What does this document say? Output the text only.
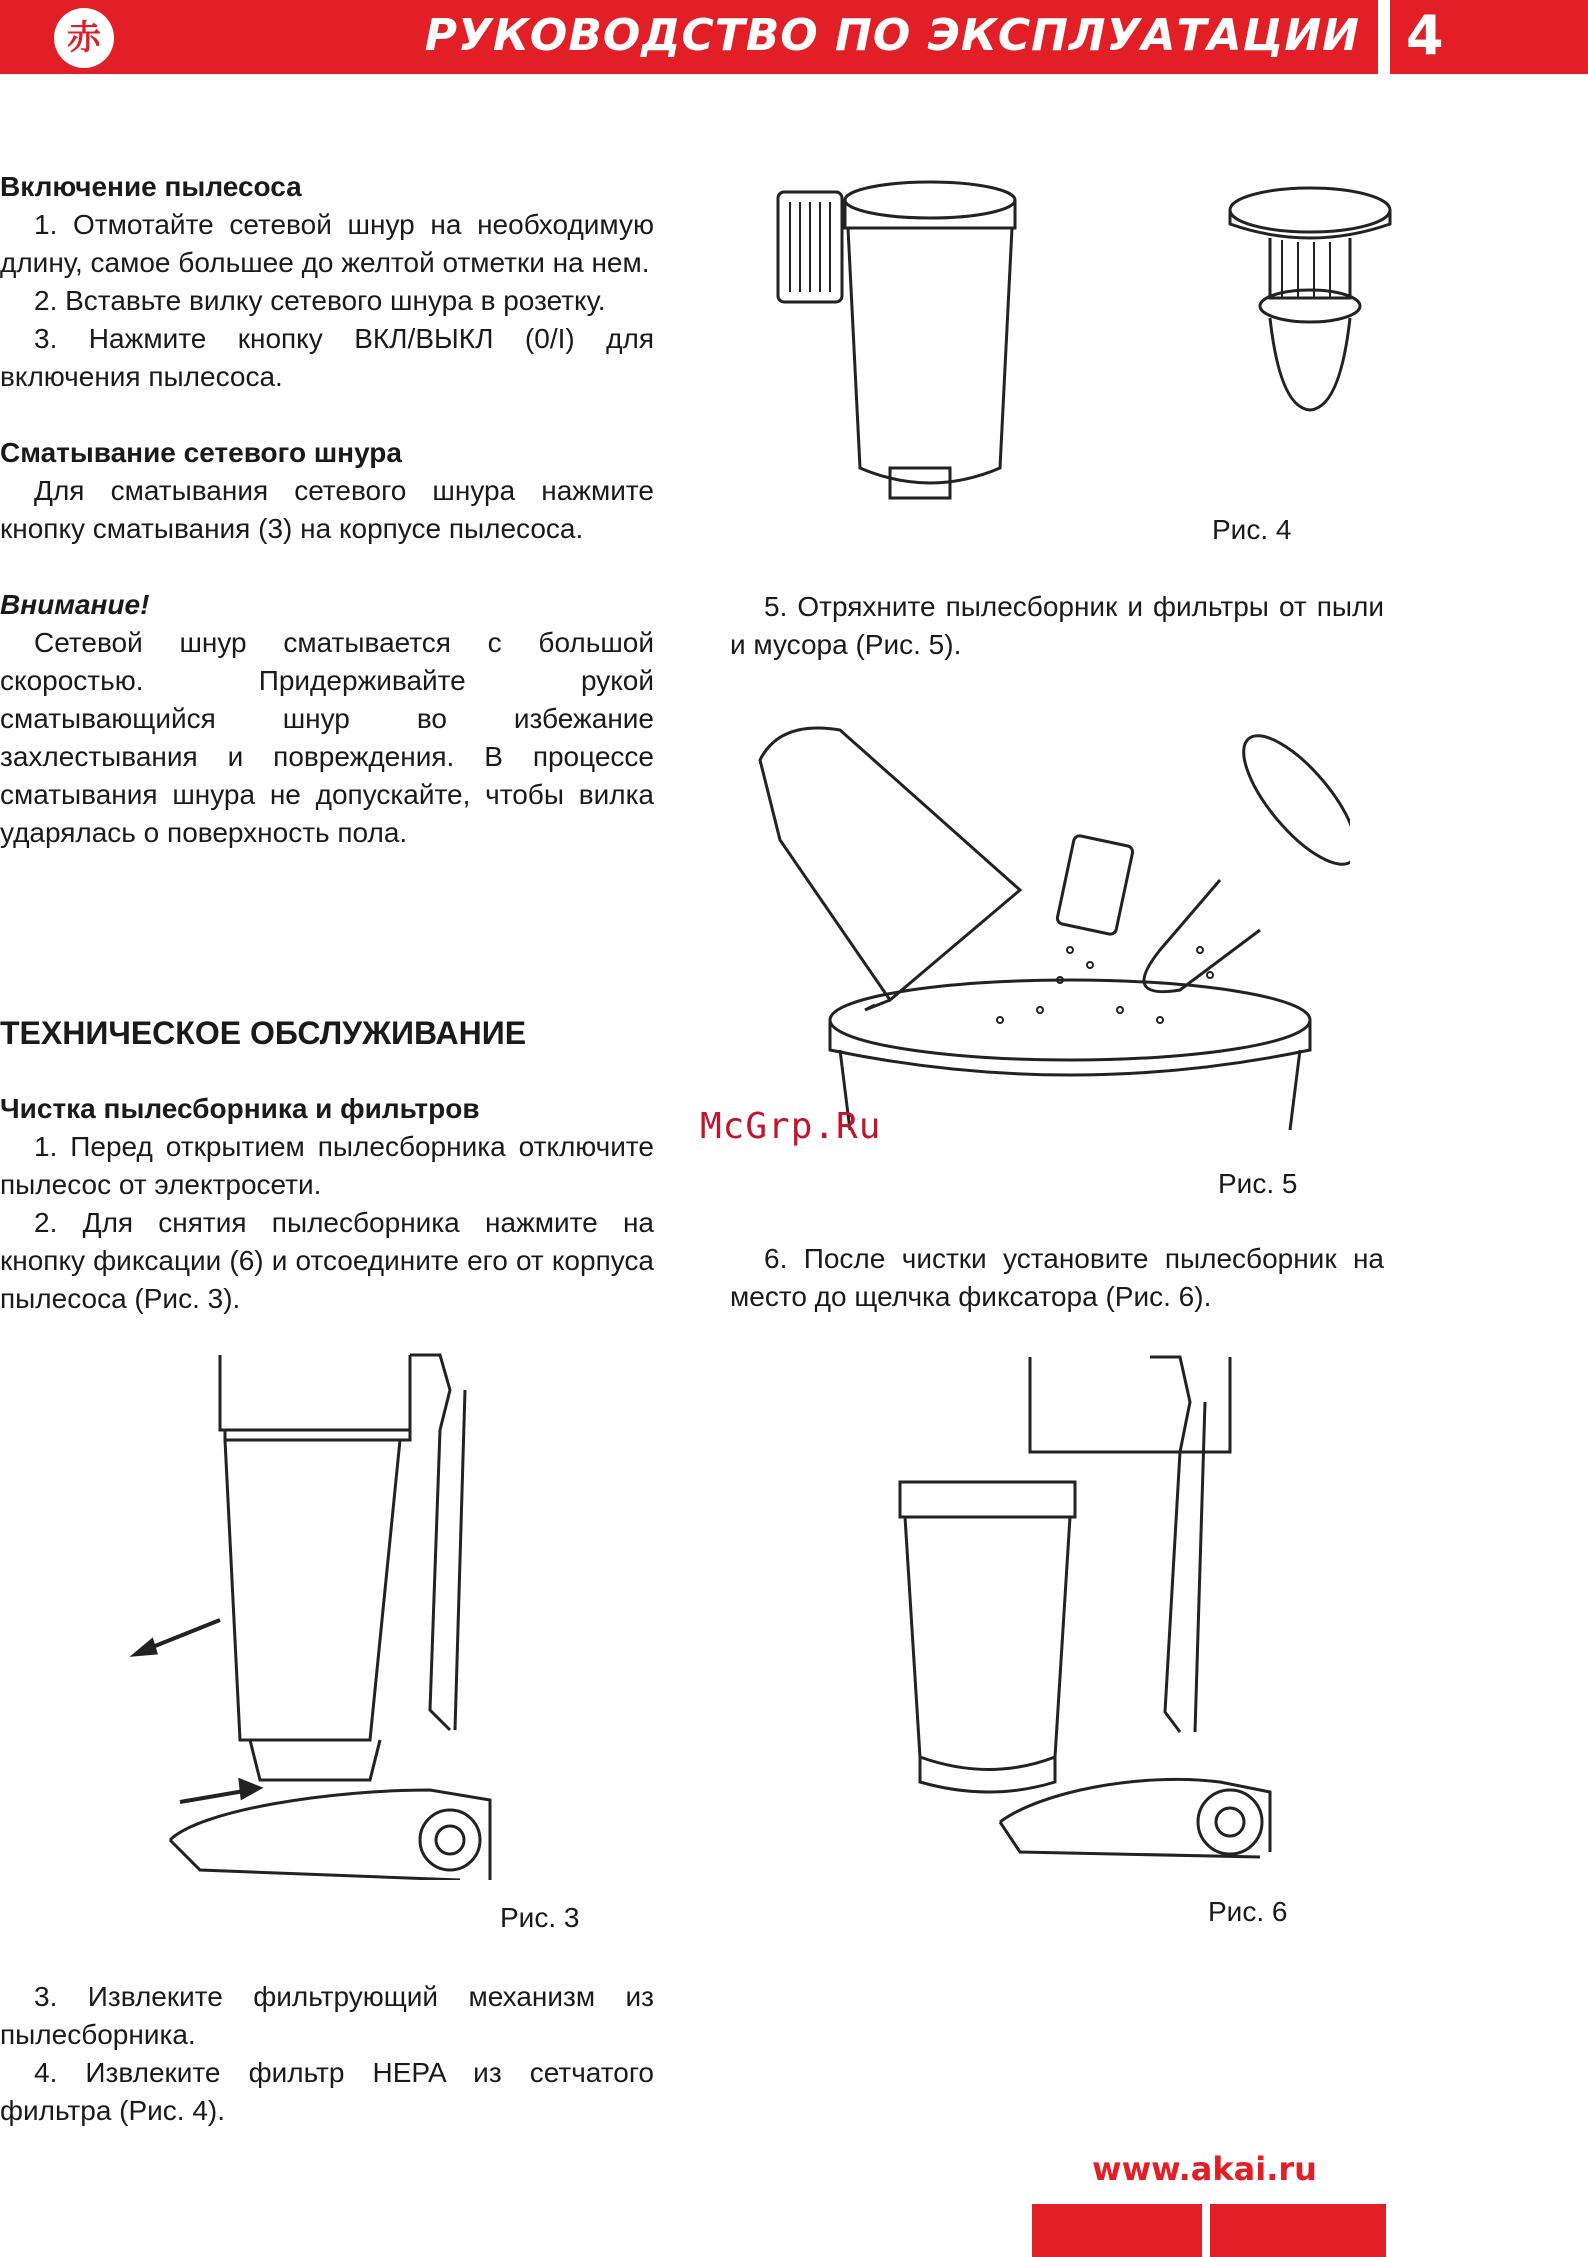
赤	РУКОВОДСТВО ПО ЭКСПЛУАТАЦИИ 4

Включение пылесоса

1. Отмотайте сетевой шнур на необходимую длину, самое большее до желтой отметки на нем.

2. Вставьте вилку сетевого шнура в розетку.

3. Нажмите кнопку ВКЛ/ВЫКЛ (0/I) для включения пылесоса.

Сматывание сетевого шнура

Для сматывания сетевого шнура нажмите кнопку сматывания (3) на корпусе пылесоса.

Внимание!

Сетевой шнур сматывается с большой скоростью. Придерживайте рукой сматывающийся шнур во избежание захлестывания и повреждения. В процессе сматывания шнура не допускайте, чтобы вилка ударялась о поверхность пола.

ТЕХНИЧЕСКОЕ ОБСЛУЖИВАНИЕ

Чистка пылесборника и фильтров

1. Перед открытием пылесборника отключите пылесос от электросети.

2. Для снятия пылесборника нажмите на кнопку фиксации (6) и отсоедините его от корпуса пылесоса (Рис. 3).

Рис. 3

3. Извлеките фильтрующий механизм из пылесборника.

4. Извлеките фильтр HEPA из сетчатого фильтра (Рис. 4).

Рис. 4

5. Отряхните пылесборник и фильтры от пыли и мусора (Рис. 5).

Рис. 5

6. После чистки установите пылесборник на место до щелчка фиксатора (Рис. 6).

Рис. 6
McGrp.Ru
www.akai.ru
